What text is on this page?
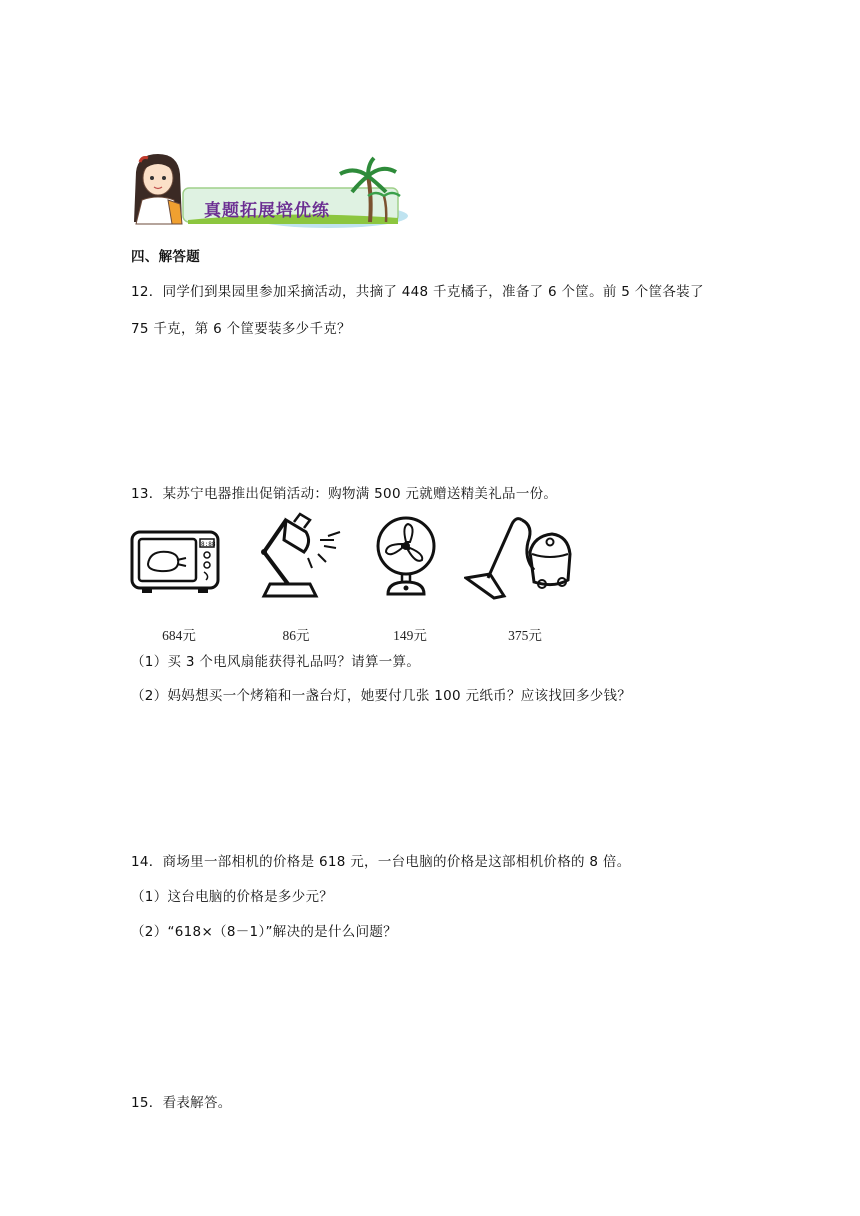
真题拓展培优练
四、解答题
12．同学们到果园里参加采摘活动，共摘了 448 千克橘子，准备了 6 个筐。前 5 个筐各装了
75 千克，第 6 个筐要装多少千克？
13．某苏宁电器推出促销活动：购物满 500 元就赠送精美礼品一份。
8:88
684元	86元	149元	375元
（1）买 3 个电风扇能获得礼品吗？请算一算。
（2）妈妈想买一个烤箱和一盏台灯，她要付几张 100 元纸币？应该找回多少钱？
14．商场里一部相机的价格是 618 元，一台电脑的价格是这部相机价格的 8 倍。
（1）这台电脑的价格是多少元？
（2）“618×（8－1）”解决的是什么问题？
15．看表解答。
